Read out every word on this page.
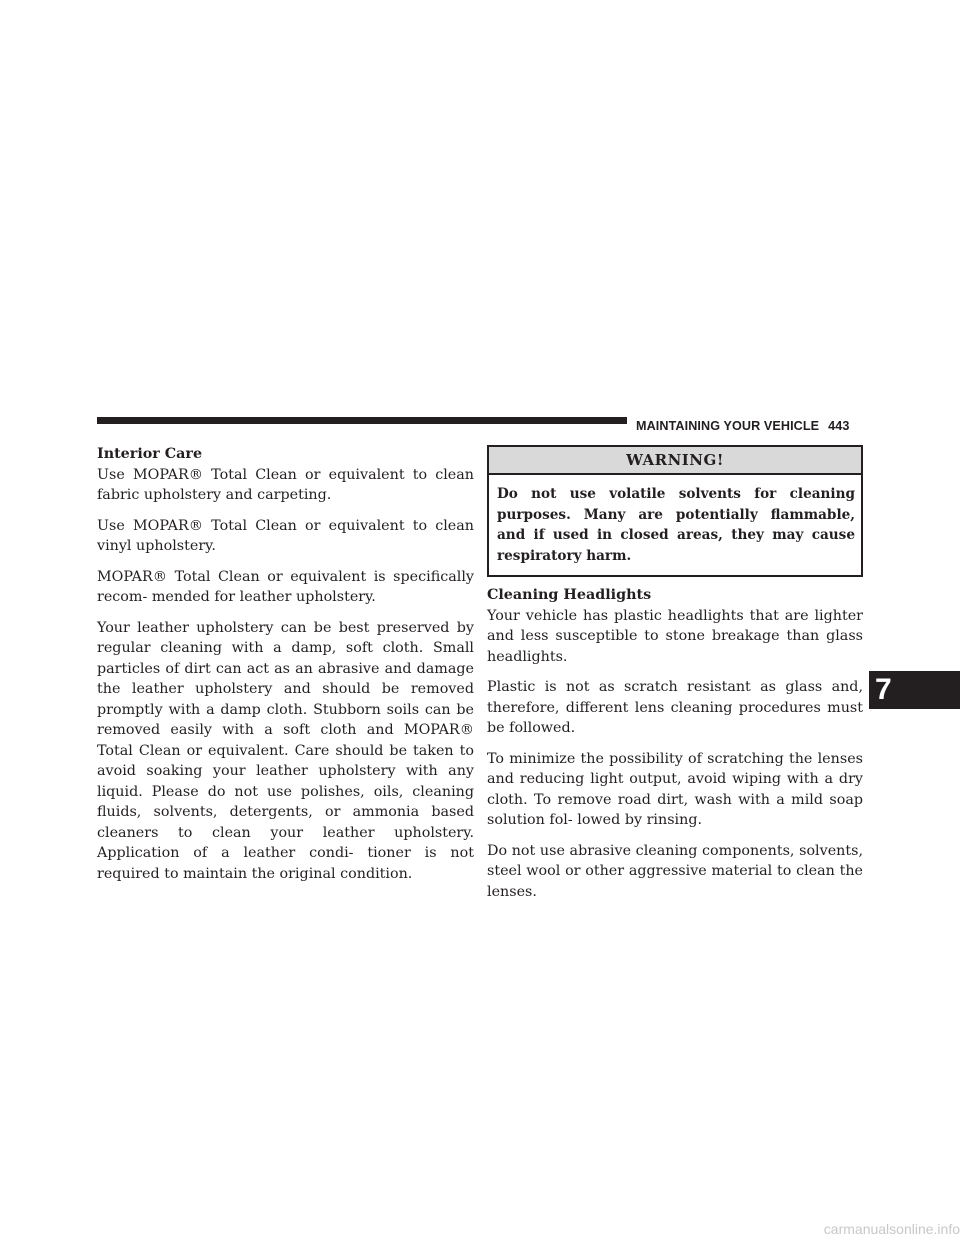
MAINTAINING YOUR VEHICLE 443

Interior Care

Use MOPAR® Total Clean or equivalent to clean fabric upholstery and carpeting.

Use MOPAR® Total Clean or equivalent to clean vinyl upholstery.

MOPAR® Total Clean or equivalent is specifically recom- mended for leather upholstery.

Your leather upholstery can be best preserved by regular cleaning with a damp, soft cloth. Small particles of dirt can act as an abrasive and damage the leather upholstery and should be removed promptly with a damp cloth. Stubborn soils can be removed easily with a soft cloth and MOPAR® Total Clean or equivalent. Care should be taken to avoid soaking your leather upholstery with any liquid. Please do not use polishes, oils, cleaning fluids, solvents, detergents, or ammonia based cleaners to clean your leather upholstery. Application of a leather condi- tioner is not required to maintain the original condition.

WARNING!
Do not use volatile solvents for cleaning purposes. Many are potentially flammable, and if used in closed areas, they may cause respiratory harm.

Cleaning Headlights

Your vehicle has plastic headlights that are lighter and less susceptible to stone breakage than glass headlights.

Plastic is not as scratch resistant as glass and, therefore, different lens cleaning procedures must be followed.

To minimize the possibility of scratching the lenses and reducing light output, avoid wiping with a dry cloth. To remove road dirt, wash with a mild soap solution fol- lowed by rinsing.

Do not use abrasive cleaning components, solvents, steel wool or other aggressive material to clean the lenses.

7
carmanualsonline.info
